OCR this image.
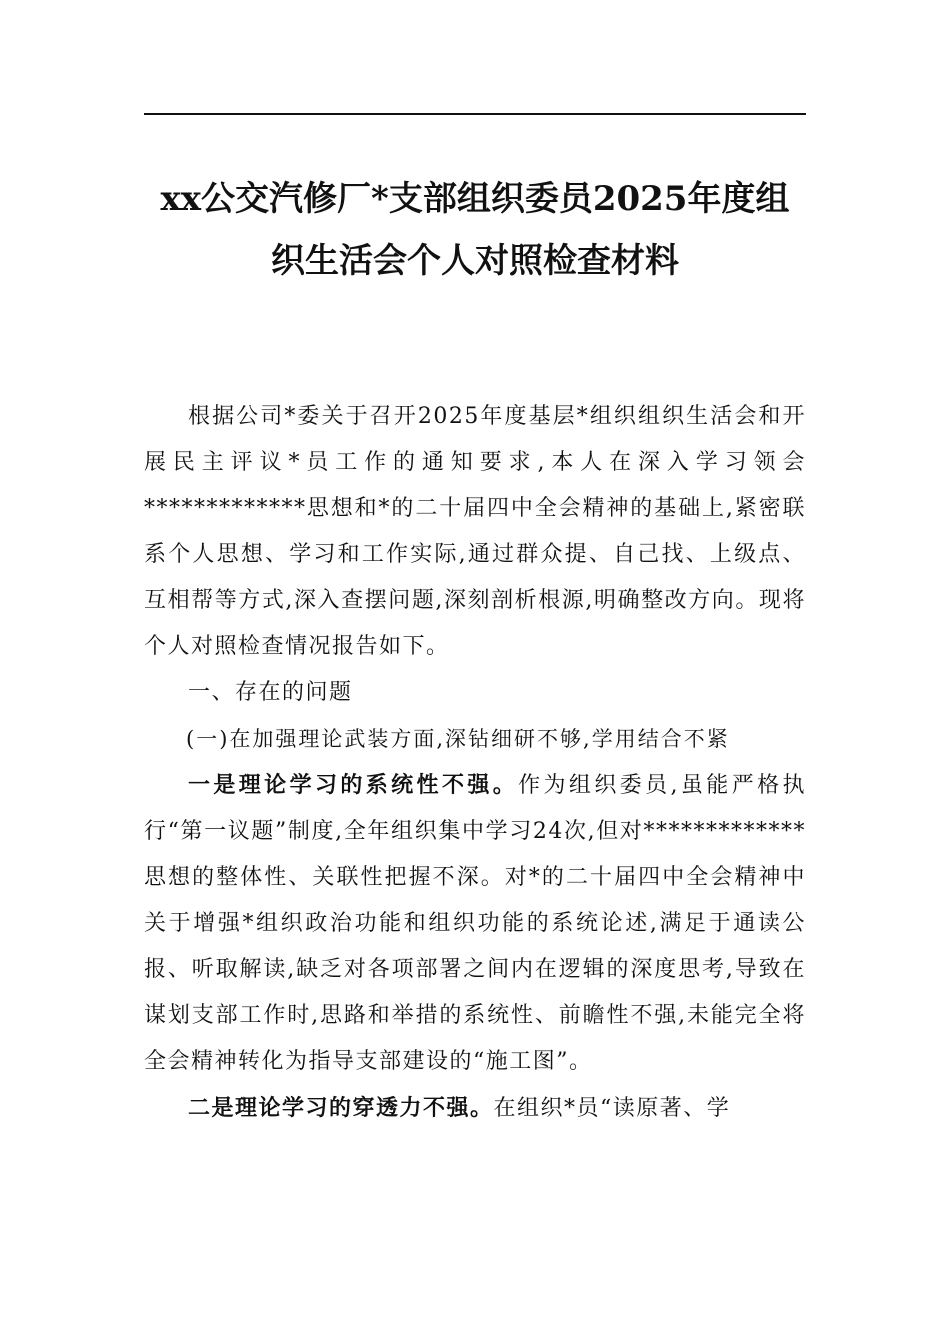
xx公交汽修厂*支部组织委员2025年度组
织生活会个人对照检查材料

根据公司*委关于召开2025年度基层*组织组织生活会和开展民主评议*员工作的通知要求,本人在深入学习领会*************思想和*的二十届四中全会精神的基础上,紧密联系个人思想、学习和工作实际,通过群众提、自己找、上级点、互相帮等方式,深入查摆问题,深刻剖析根源,明确整改方向。现将个人对照检查情况报告如下。

一、存在的问题

(一)在加强理论武装方面,深钻细研不够,学用结合不紧

一是理论学习的系统性不强。作为组织委员,虽能严格执行“第一议题”制度,全年组织集中学习24次,但对*************思想的整体性、关联性把握不深。对*的二十届四中全会精神中关于增强*组织政治功能和组织功能的系统论述,满足于通读公报、听取解读,缺乏对各项部署之间内在逻辑的深度思考,导致在谋划支部工作时,思路和举措的系统性、前瞻性不强,未能完全将全会精神转化为指导支部建设的“施工图”。

二是理论学习的穿透力不强。在组织*员“读原著、学
